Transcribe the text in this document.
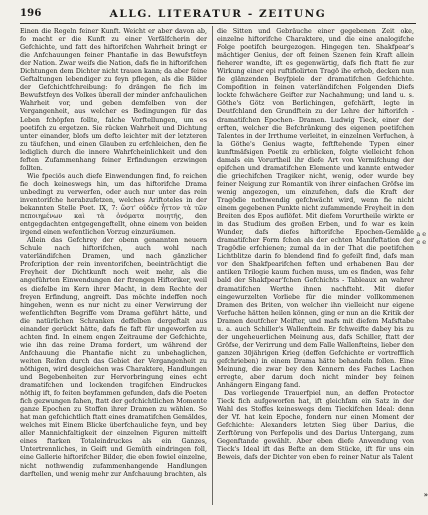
196	ALLG. LITERATUR - ZEITUNG

Einen die Regeln feiner Kunft. Weicht er aber davon ab, fo macht er die Kunft zu einer Verfälfcherin der Gefchichte, und fatt des hiftorifchen Wahrheit bringt er die Anfchauungen feiner Phantafie in das Bewufstfeyn der Nation. Zwar weifs die Nation, dafs fie in hiftorifchen Dichtungen dem Dichter nicht trauen kann; da aber feine Geftaltungen lebendiger zu feyn pflegen, als die Bilder der Gefchichtfchreibung: fo drängen fie fich im Bewufstfeyn des Volkes überall der minder anfchaulichen Wahrheit vor, und geben demfelben von der Vergangenheit, aus welcher es Bedingungen für das Leben fchöpfen follte, falche Vorftellungen, um es poetifch zu ergetzen. Sie rücken Wahrheit und Dichtung unter einander, blofs um defto leichter mit der letzteren zu täufchen, und einen Glauben zu erfchleichen, den fie lediglich durch die innere Wahrfcheinlichkeit und den feften Zufammenhang feiner Erfindungen erzwingen follten.

Wie fpeciös auch diefe Einwendungen find, fo reichen fie doch keineswegs hin, um das hiftorifche Drama unbedingt zu verwerfen, oder auch nur unter das rein inventorifche herabzufetzen, welches Ariftoteles in der bekannten Stelle Poet. IX, 7: ὥστ' οὐδὲν ἧττον τὰ τῶν πεποιημένων καὶ τὰ ὀνόματα ποιητής, den entgegdachten entgegengeftellt, ohne einem von beiden irgend einen wefentlichen Vorzug einzuräumen.

Allein das Gefchrey der obenn genannten neuern Schule nach hiftorifchen, auch wohl nach vaterländifchen Dramen, und nach gänzlicher Profcription der rein inventorifchen, beeinträchtigt die Freyheit der Dichtkunft noch weit mehr, als die angeführten Einwendungen der ftrengen Hiftoriker, weil es diefelbe im Kern ihrer Macht, in dem Rechte der freyen Erfindung, angreift. Das möchte indeffen noch hingehen, wenn es nur nicht zu einer Verwirrung der wefentlichften Begriffe vom Drama geführt hätte, und die natürlichen Schranken deffelben dergeftalt aus einander gerückt hätte, dafs fie faft für ungeworfen zu achten find. In einem engen Zeitraume der Gefchichte, wie ihn das reine Drama fordert, um während der Anfchauung die Phantafie nicht zu unbehaglichen, weiten Reifen durch das Gebiet der Vergangenheit zu nöthigen, wird desgleichen was Charaktere, Handlungen und Begebenheiten zur Hervorbringung eines echt dramatifchen und lockenden tragifchen Eindruckes nöthig ift, fo feiten beyfammen gefunden, dafs die Poeten fich gezwungen fahen, ftatt der gefchichtlichen Momente ganze Epochen zu Stoffen ihrer Dramen zu wählen. So hat man gefchichtlich ftatt eines dramatifchen Gemäldes, welches mit Einem Blicke überfchauliche feyn, und bey aller Mannichfaltigkeit der einzelnen Figuren mittelft eines ftarken Totaleindruckes als ein Ganzes, Untertrennliches, in Geift und Gemüth eindringen foll, eine Gallerie hiftorifcher Bilder, die eben fowiel einzelne, nicht nothwendig zufammenhangende Handlungen darftellen, und wenig mehr zur Anfchauung brachten, als

die Sitten und Gebräuche einer gegebenen Zeit oke, einzelne hiftorifche Charaktere, und die eine analogifche Folge poetifch beurgezogen. Hingegen ten. Shakfpear's mächtiger Genius, der oft feinen Szenen fein Kraft allein fieherer wandte, ift es gegenwärtig, dafs fich ftatt fie zur Wirkung einer epi ruftifiolirten Tragö ihe erhob, decken nun fie glänzenden Beyfpiele der dramatifchen Gefchichte. Compofition in feinen vaterländifchen Folgenden Diefs lockte fchwächere Geifter zur Nachahmung; und land u. s. Göthe's Götz von Berlichingen, gefchärft, legte in Deutfchland den Grundftein zu der Lehre der hiftorifch - dramatifchen Epochen- Dramen. Ludwig Tieck, einer der erften, welcher die Befchränkung des eigenen poetifchen Talentes in der Irrthume verleitet, in einzelnen Verfuchen, à la Göthe's Genius wagte, feftftehende Typen einer kunftmäfsigen Poetik zu erblicken, folgte vielleicht fchon damals ein Vorurtheil ihr diefe Art von Vermifchung der epifchen und dramatifchen Elemente und kannte entweder die griechifchen Tragiker nicht, wenig, oder wurde bey feiner Neigung zur Romantik von ihrer einfachen Gröfse im wenig angezogen, um einzufehen, dafs die Kraft der Tragödie nothwendig gefchwächt wird, wenn fie nicht einem gegebenen Punkte nicht zufammende Freyheit in den Breiten des Epos auflöfet. Mit diefem Vorurtheile wirkte er in das Studium des großen Erben, und fo war es kein Wunder, dafs diefes hiftorifche Epochen-Gemälde dramatifcher Form fchon als der echten Manifeftation der Tragödie erfchienen; zumal da in der That die poetifchen Lichtblitze darin fo blendend find fo gefeilt find, dafs man vor den Shakfpearifchen feften und erhabenen Bau der antiken Trilogie kaum fuchen muss, um es finden, was fehr bald der Shakfpear'fchen Gefchichts - Tableaux an wahrer dramatifchen Werthe ihnen nachfteht. Mit diefer eingewurzelten Vorliebe für die minder vollkommenen Dramen des Briten, von welcher ihn vielleicht nur eigene Verfuche hätten heilen können, ging er nun an die Kritik der Dramen deutfcher Meifter, und mafs mit diefem Mafsftabe u. a. auch Schiller's Wallenftein. Er fchweifte dabey bis zu der ungeheuerlichen Meinung aus, dafs Schiller, ftatt der Gröfse, der Verirrung und dem Falle Wallenfteins, lieber den ganzen 30jährigen Krieg (deffen Gefchichte er vortrefflich gefchrieben) in einem Drama hätte behandeln follen. Eine Meinung, die zwar bey den Kennern des Faches Lachen erregte, aber darum doch nicht minder bey feinen Anhängern Eingang fand.

Das vorliegende Trauerfpiel nun, an deffen Protector Tieck fich aufgeworfen hat, ift gleichfam ein Satz in der Wahl des Stoffes keineswegs dem Tieckifchen Ideal: denn der Vf. hat kein Epoche, fondern nur einen Moment der Gefchichte: Alexanders letzten Sieg über Darius, die Zerftörung von Perfepolis und des Darius Untergang, zum Gegenftande gewählt. Aber eben diefe Anwendung von Tieck's Ideal ift das Befte an dem Stücke, ift für uns ein Beweis, dafs der Dichter von eben fo reiner Natur als Talent

a e e e
»
